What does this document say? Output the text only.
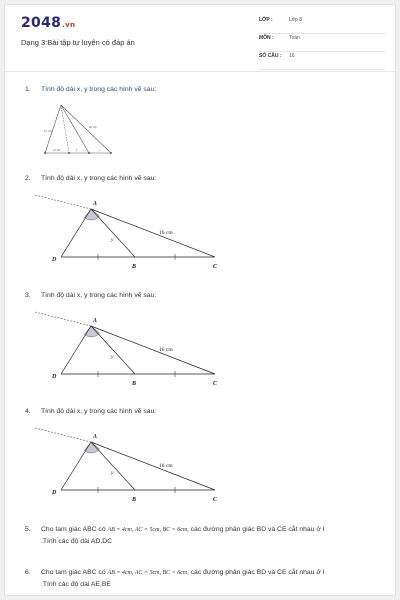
2048.vn
Dạng 3:Bài tập tự luyện có đáp án
LỚP :	Lớp 8
MÔN :	Toán
SỐ CÂU :	16
1. Tính độ dài x, y trong các hình vẽ sau:
15 cm
20 cm
12 cm	x	y
2. Tính độ dài x, y trong các hình vẽ sau:
A
D
B	C
y
16 cm
3. Tính độ dài x, y trong các hình vẽ sau:
A
D
B	C
y
16 cm
4. Tính độ dài x, y trong các hình vẽ sau:
A
D
B	C
y
16 cm
5. Cho tam giác ABC có AB = 4cm, AC = 5cm, BC = 6cm, các đường phân giác BD và CE cắt nhau ở I
.Tính các độ dài AD,DC
6. Cho tam giác ABC có AB = 4cm, AC = 5cm, BC = 6cm, các đường phân giác BD và CE cắt nhau ở I
.Tính các độ dài AE,BE
